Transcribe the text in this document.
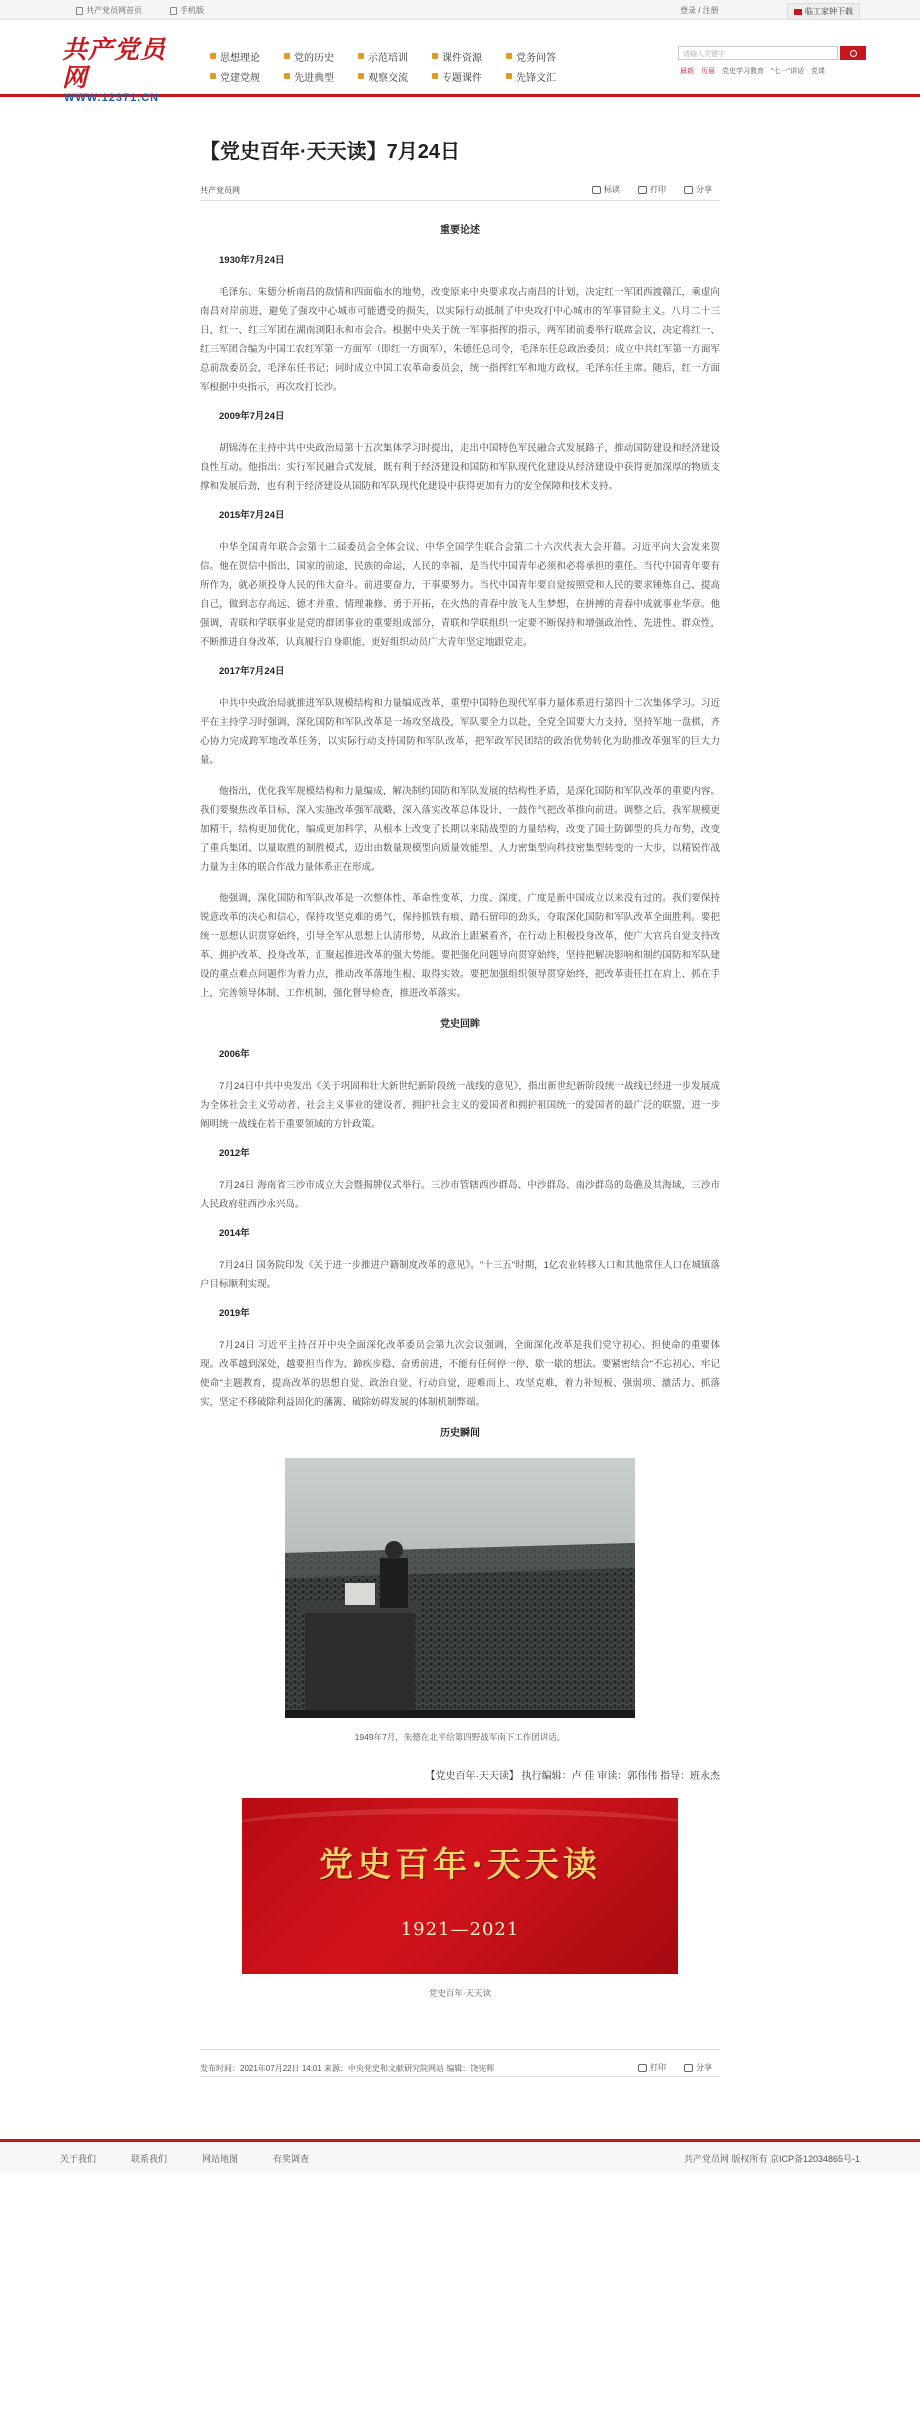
共产党员网首页	手机版	登录 / 注册	临工家钟下载
共产党员网
WWW.12371.CN
思想理论	党的历史	示范培训	课件资源	党务问答
党建党规	先进典型	观察交流	专题课件	先锋文汇
请输入关键字
最新 历届 党史学习教育 "七一"讲话 党课
【党史百年·天天读】7月24日
共产党员网	标读	打印	分享
重要论述
1930年7月24日

毛泽东、朱德分析南昌的敌情和四面临水的地势，改变原来中央要求攻占南昌的计划，决定红一军团西渡赣江，乘虚向南昌对岸前进，避免了强攻中心城市可能遭受的损失，以实际行动抵制了中央攻打中心城市的军事冒险主义。八月二十三日，红一、红三军团在湖南浏阳永和市会合。根据中央关于统一军事指挥的指示，两军团前委举行联席会议，决定将红一、红三军团合编为中国工农红军第一方面军（即红一方面军），朱德任总司令，毛泽东任总政治委员；成立中共红军第一方面军总前敌委员会，毛泽东任书记；同时成立中国工农革命委员会，统一指挥红军和地方政权，毛泽东任主席。随后，红一方面军根据中央指示，再次攻打长沙。

2009年7月24日

胡锦涛在主持中共中央政治局第十五次集体学习时提出，走出中国特色军民融合式发展路子，推动国防建设和经济建设良性互动。他指出：实行军民融合式发展，既有利于经济建设和国防和军队现代化建设从经济建设中获得更加深厚的物质支撑和发展后劲，也有利于经济建设从国防和军队现代化建设中获得更加有力的安全保障和技术支持。

2015年7月24日

中华全国青年联合会第十二届委员会全体会议、中华全国学生联合会第二十六次代表大会开幕。习近平向大会发来贺信。他在贺信中指出，国家的前途，民族的命运，人民的幸福，是当代中国青年必须和必将承担的重任。当代中国青年要有所作为，就必须投身人民的伟大奋斗。前进要奋力，干事要努力。当代中国青年要自觉按照党和人民的要求锤炼自己、提高自己，做到志存高远、德才并重、情理兼修、勇于开拓，在火热的青春中放飞人生梦想，在拼搏的青春中成就事业华章。他强调，青联和学联事业是党的群团事业的重要组成部分，青联和学联组织一定要不断保持和增强政治性、先进性、群众性，不断推进自身改革，认真履行自身职能，更好组织动员广大青年坚定地跟党走。

2017年7月24日

中共中央政治局就推进军队规模结构和力量编成改革，重塑中国特色现代军事力量体系进行第四十二次集体学习。习近平在主持学习时强调，深化国防和军队改革是一场攻坚战役，军队要全力以赴，全党全国要大力支持，坚持军地一盘棋，齐心协力完成跨军地改革任务，以实际行动支持国防和军队改革，把军政军民团结的政治优势转化为助推改革强军的巨大力量。

他指出，优化我军规模结构和力量编成，解决制约国防和军队发展的结构性矛盾，是深化国防和军队改革的重要内容。我们要聚焦改革目标，深入实施改革强军战略，深入落实改革总体设计，一鼓作气把改革推向前进。调整之后，我军规模更加精干，结构更加优化，编成更加科学，从根本上改变了长期以来陆战型的力量结构，改变了国土防御型的兵力布势，改变了重兵集团、以量取胜的制胜模式，迈出由数量规模型向质量效能型、人力密集型向科技密集型转变的一大步，以精锐作战力量为主体的联合作战力量体系正在形成。

他强调，深化国防和军队改革是一次整体性、革命性变革，力度、深度、广度是新中国成立以来没有过的。我们要保持锐意改革的决心和信心，保持攻坚克难的勇气，保持抓铁有痕、踏石留印的劲头，夺取深化国防和军队改革全面胜利。要把统一思想认识贯穿始终，引导全军从思想上认清形势，从政治上跟紧看齐，在行动上积极投身改革，使广大官兵自觉支持改革、拥护改革、投身改革，汇聚起推进改革的强大势能。要把强化问题导向贯穿始终，坚持把解决影响和制约国防和军队建设的重点难点问题作为着力点，推动改革落地生根、取得实效。要把加强组织领导贯穿始终，把改革责任扛在肩上、抓在手上，完善领导体制、工作机制，强化督导检查，推进改革落实。

党史回眸
2006年

7月24日中共中央发出《关于巩固和壮大新世纪新阶段统一战线的意见》，指出新世纪新阶段统一战线已经进一步发展成为全体社会主义劳动者、社会主义事业的建设者、拥护社会主义的爱国者和拥护祖国统一的爱国者的最广泛的联盟，进一步阐明统一战线在若干重要领域的方针政策。

2012年

7月24日 海南省三沙市成立大会暨揭牌仪式举行。三沙市管辖西沙群岛、中沙群岛、南沙群岛的岛礁及其海域，三沙市人民政府驻西沙永兴岛。

2014年

7月24日 国务院印发《关于进一步推进户籍制度改革的意见》。"十三五"时期，1亿农业转移人口和其他常住人口在城镇落户目标顺利实现。

2019年

7月24日 习近平主持召开中央全面深化改革委员会第九次会议强调，全面深化改革是我们党守初心、担使命的重要体现。改革越到深处，越要担当作为、蹄疾步稳、奋勇前进，不能有任何停一停、歇一歇的想法。要紧密结合"不忘初心、牢记使命"主题教育，提高改革的思想自觉、政治自觉、行动自觉，迎难而上、攻坚克难，着力补短板、强弱项、激活力、抓落实，坚定不移破除利益固化的藩篱、破除妨碍发展的体制机制弊端。

历史瞬间
1949年7月，朱德在北平给第四野战军南下工作团讲话。
【党史百年·天天读】 执行编辑：卢 佳 审读：郭伟伟 指导：班永杰
党史百年·天天读
1921—2021
党史百年·天天读
发布时间：2021年07月22日 14:01 来源：中央党史和文献研究院网站 编辑：饶宪辉	打印	分享
关于我们	联系我们	网站地图	有奖调查	共产党员网 版权所有 京ICP备12034865号-1
